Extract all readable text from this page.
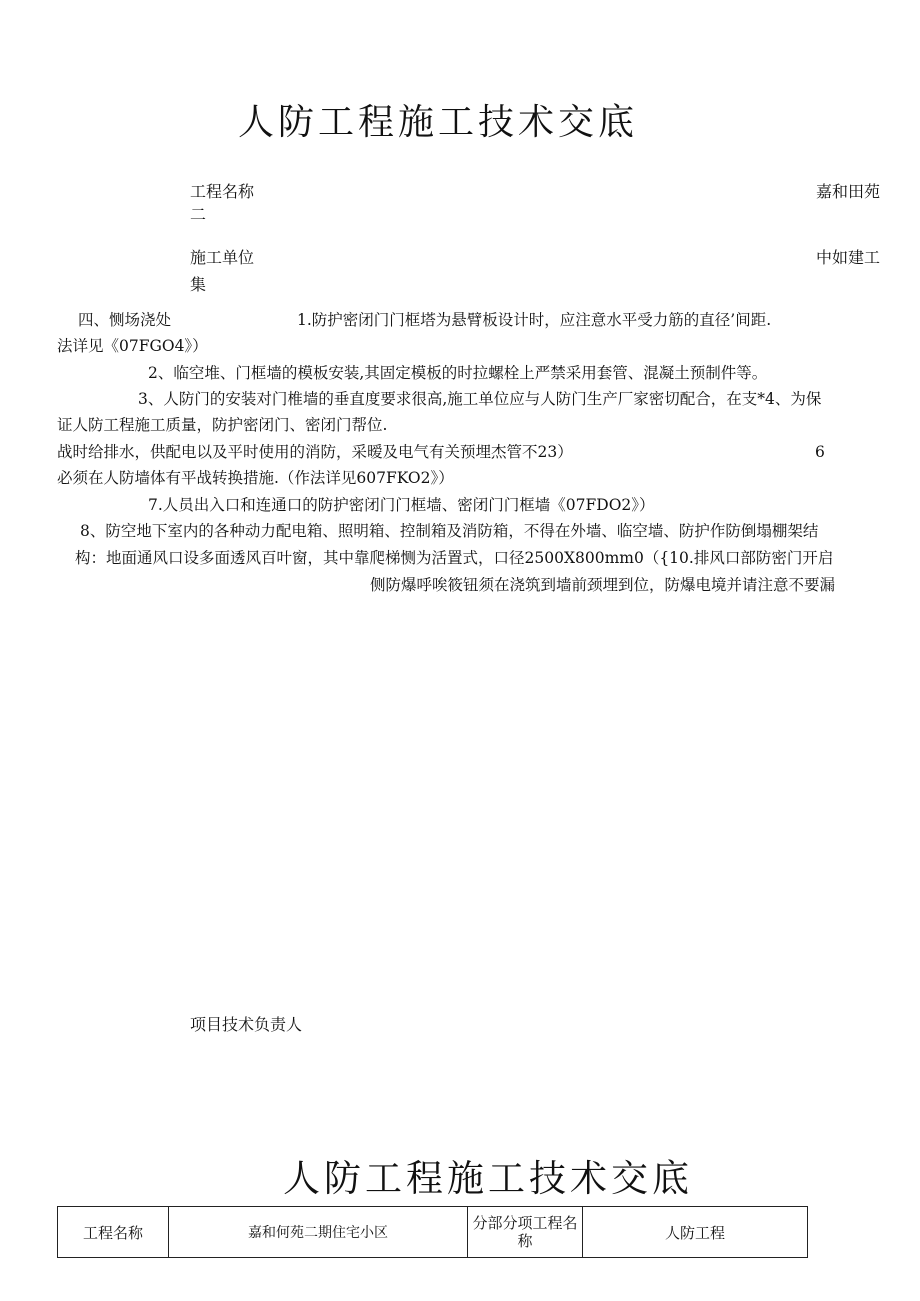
人防工程施工技术交底
工程名称	嘉和田苑
二
施工单位	中如建工
集
四、恻场浇处	1.防护密闭门门框塔为悬臂板设计时，应注意水平受力筋的直径’间距.
法详见《07FGO4》）
2、临空堆、门框墙的模板安装,其固定模板的时拉螺栓上严禁采用套管、混凝土预制件等。
3、人防门的安装对门椎墙的垂直度要求很高,施工单位应与人防门生产厂家密切配合，在支*4、为保
证人防工程施工质量，防护密闭门、密闭门帮位.
战时给排水，供配电以及平时使用的消防，采暧及电气有关预埋杰管不23）	6
必须在人防墙体有平战转换措施.（作法详见607FKO2》）
7.人员出入口和连通口的防护密闭门门框墙、密闭门门框墙《07FDO2》）
8、防空地下室内的各种动力配电箱、照明箱、控制箱及消防箱，不得在外墙、临空墙、防护作防倒塌棚架结
构：地面通风口设多面透风百叶窗，其中靠爬梯恻为活置式，口径2500X800mm0（{10.排风口部防密门开启
侧防爆呼唉筱钮须在浇筑到墙前颈埋到位，防爆电境并请注意不要漏
项目技术负责人
人防工程施工技术交底
工程名称	嘉和何苑二期住宅小区	分部分项工程名称	人防工程
